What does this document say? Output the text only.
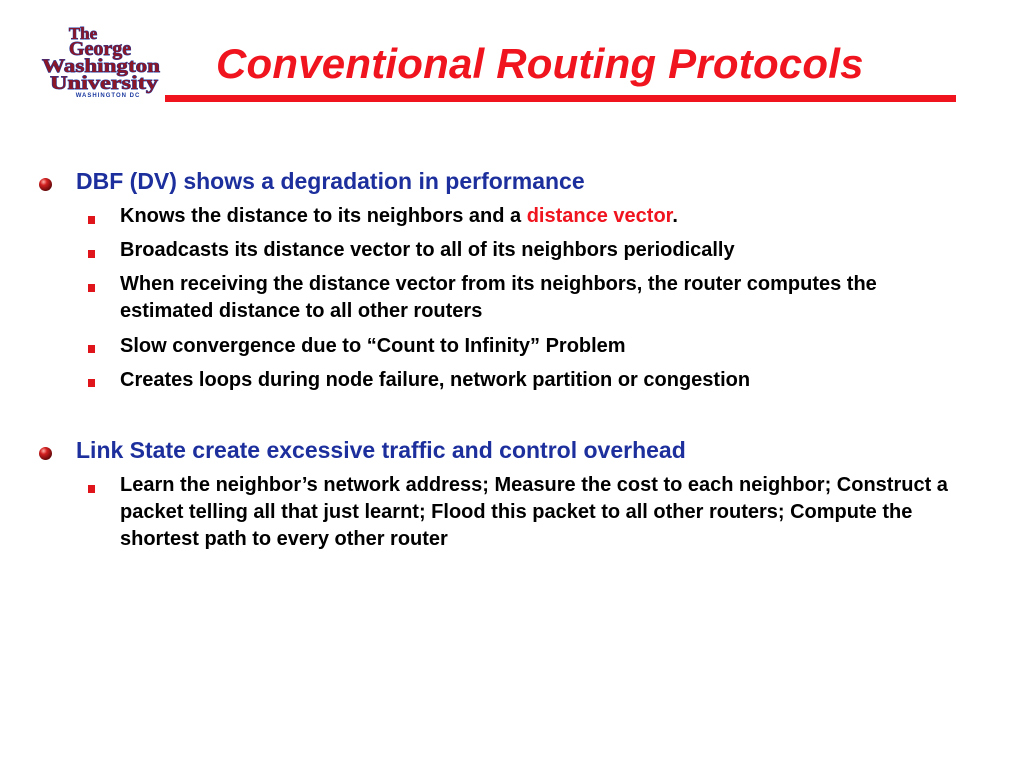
The
George
Washington
University
WASHINGTON DC
Conventional Routing Protocols
DBF (DV) shows a degradation in performance
Knows the distance to its neighbors and a distance vector.
Broadcasts its distance vector to all of its neighbors periodically
When receiving the distance vector from its neighbors, the router computes the estimated distance to all other routers
Slow convergence due to “Count to Infinity” Problem
Creates loops during node failure, network partition or congestion
Link State create excessive traffic and control overhead
Learn the neighbor’s network address; Measure the cost to each neighbor; Construct a packet telling all that just learnt; Flood this packet to all other routers; Compute the shortest path to every other router
